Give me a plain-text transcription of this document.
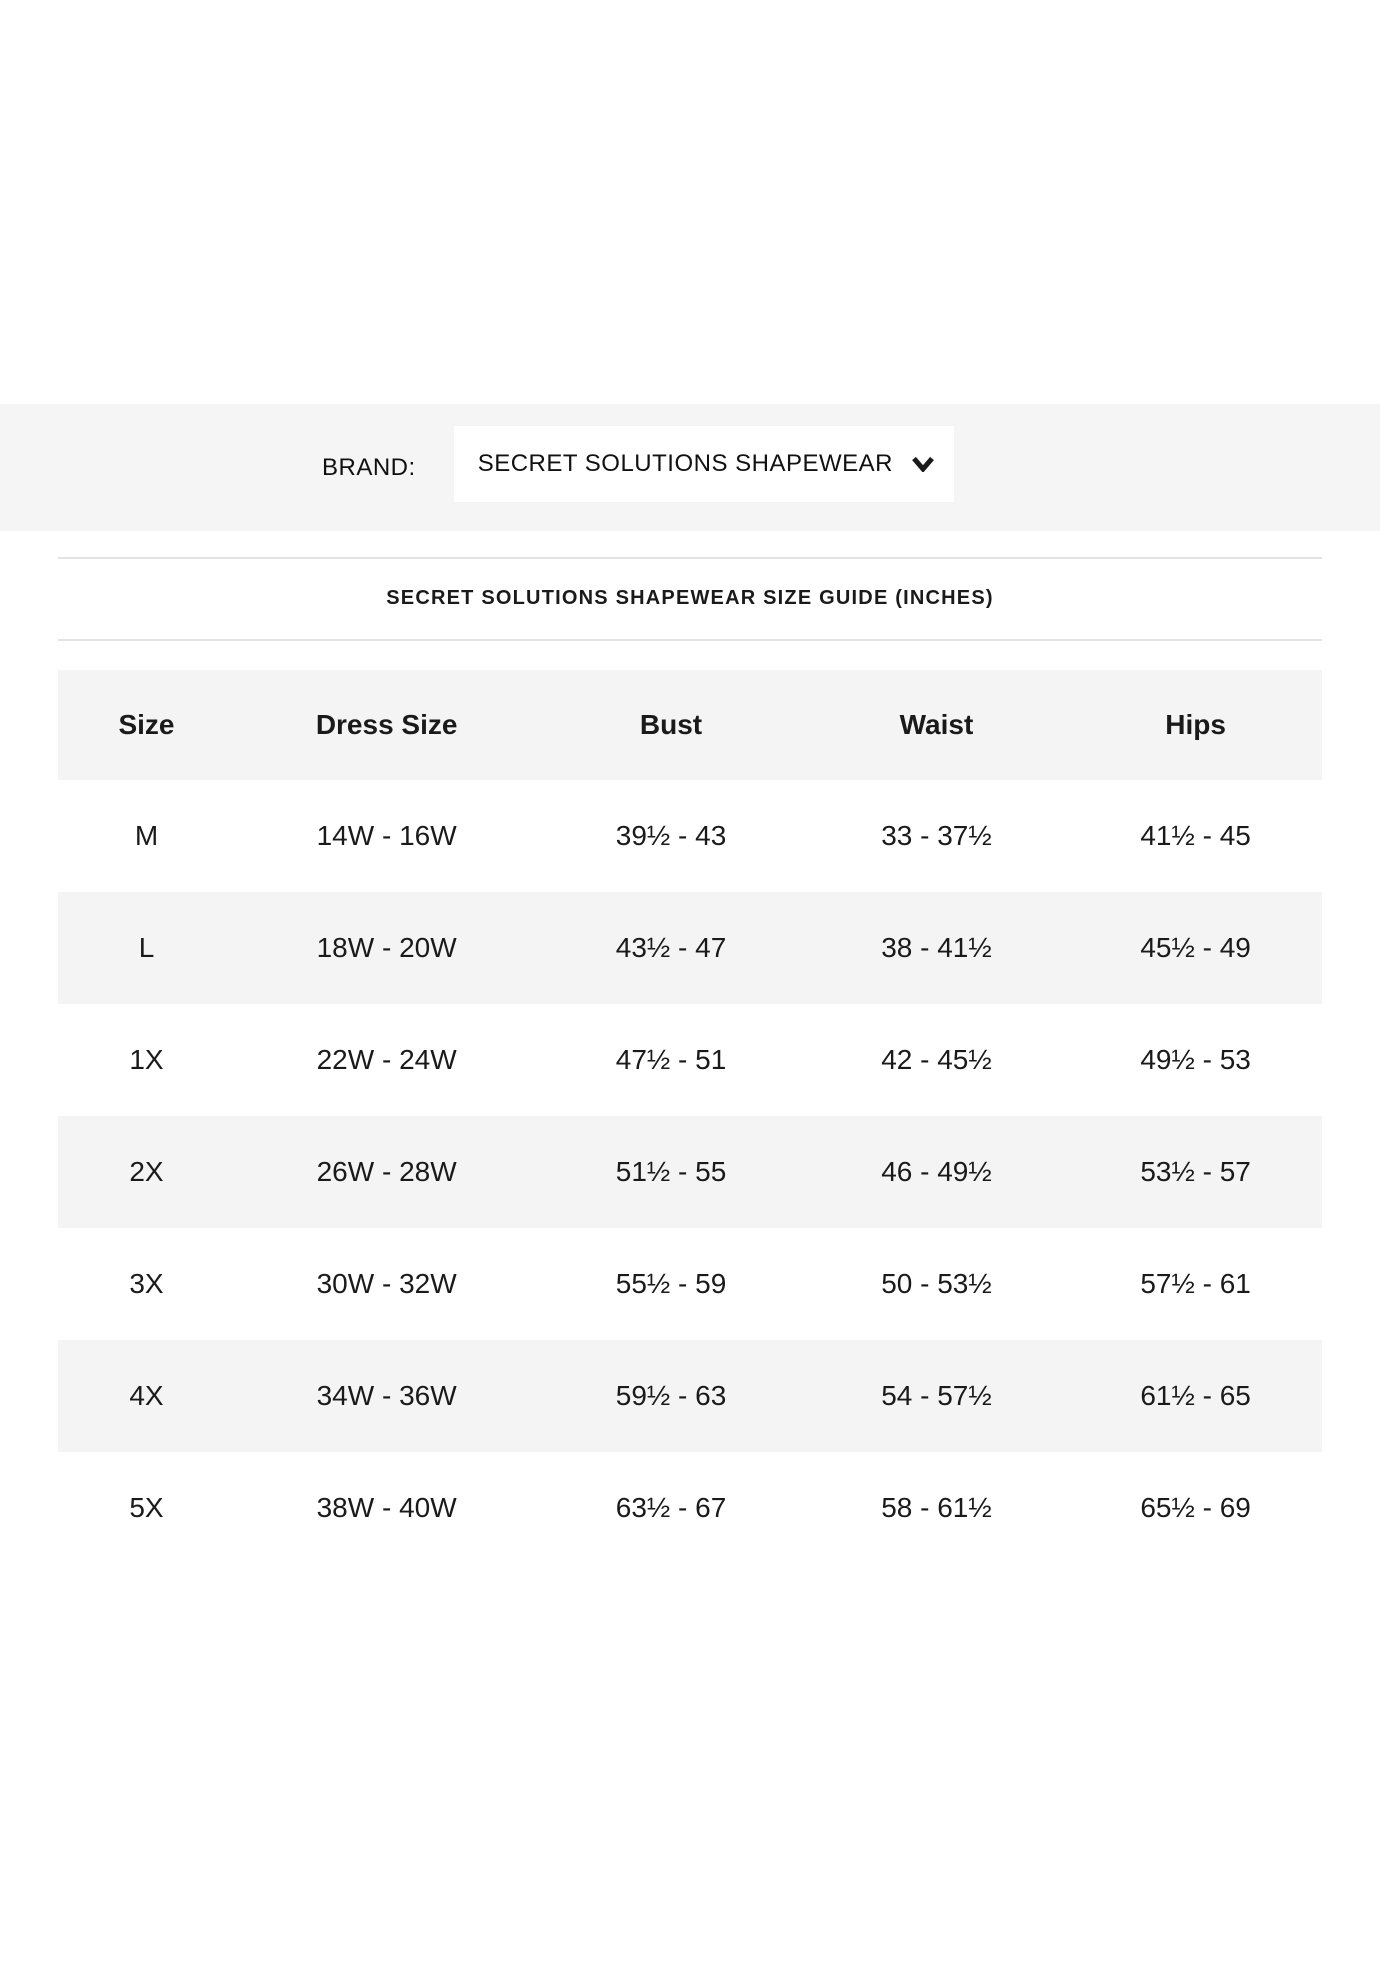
BRAND:	SECRET SOLUTIONS SHAPEWEAR
SECRET SOLUTIONS SHAPEWEAR SIZE GUIDE (INCHES)
Size	Dress Size	Bust	Waist	Hips
M	14W - 16W	39½ - 43	33 - 37½	41½ - 45
L	18W - 20W	43½ - 47	38 - 41½	45½ - 49
1X	22W - 24W	47½ - 51	42 - 45½	49½ - 53
2X	26W - 28W	51½ - 55	46 - 49½	53½ - 57
3X	30W - 32W	55½ - 59	50 - 53½	57½ - 61
4X	34W - 36W	59½ - 63	54 - 57½	61½ - 65
5X	38W - 40W	63½ - 67	58 - 61½	65½ - 69
